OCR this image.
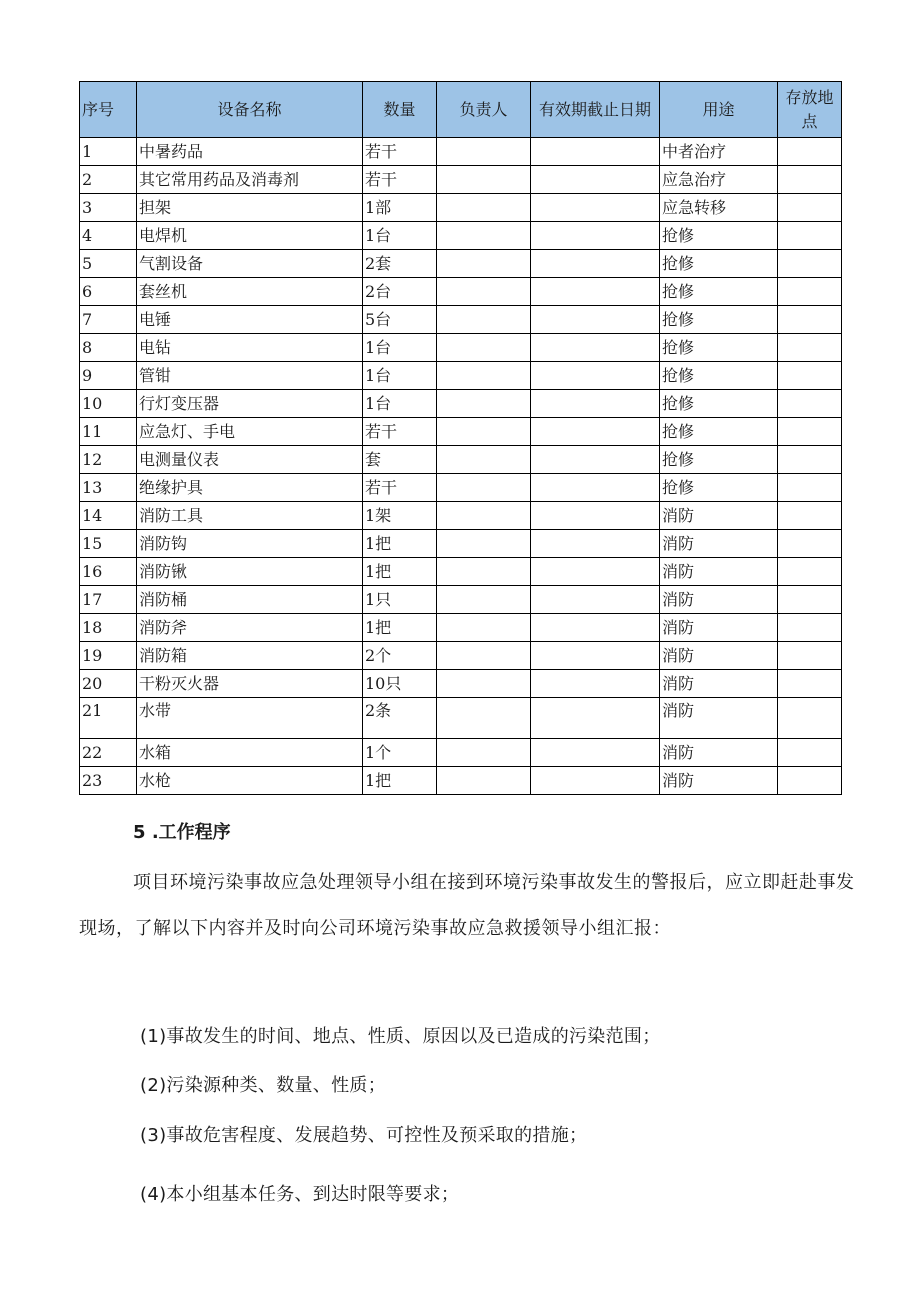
序号	设备名称	数量	负责人	有效期截止日期	用途	存放地点
1	中暑药品	若干			中者治疗	
2	其它常用药品及消毒剂	若干			应急治疗	
3	担架	1部			应急转移	
4	电焊机	1台			抢修	
5	气割设备	2套			抢修	
6	套丝机	2台			抢修	
7	电锤	5台			抢修	
8	电钻	1台			抢修	
9	管钳	1台			抢修	
10	行灯变压器	1台			抢修	
11	应急灯、手电	若干			抢修	
12	电测量仪表	套			抢修	
13	绝缘护具	若干			抢修	
14	消防工具	1架			消防	
15	消防钩	1把			消防	
16	消防锹	1把			消防	
17	消防桶	1只			消防	
18	消防斧	1把			消防	
19	消防箱	2个			消防	
20	干粉灭火器	10只			消防	
21	水带	2条			消防	
22	水箱	1个			消防	
23	水枪	1把			消防	
5 .工作程序
项目环境污染事故应急处理领导小组在接到环境污染事故发生的警报后，应立即赶赴事发现场，了解以下内容并及时向公司环境污染事故应急救援领导小组汇报：
(1)事故发生的时间、地点、性质、原因以及已造成的污染范围；
(2)污染源种类、数量、性质；
(3)事故危害程度、发展趋势、可控性及预采取的措施；
(4)本小组基本任务、到达时限等要求；
